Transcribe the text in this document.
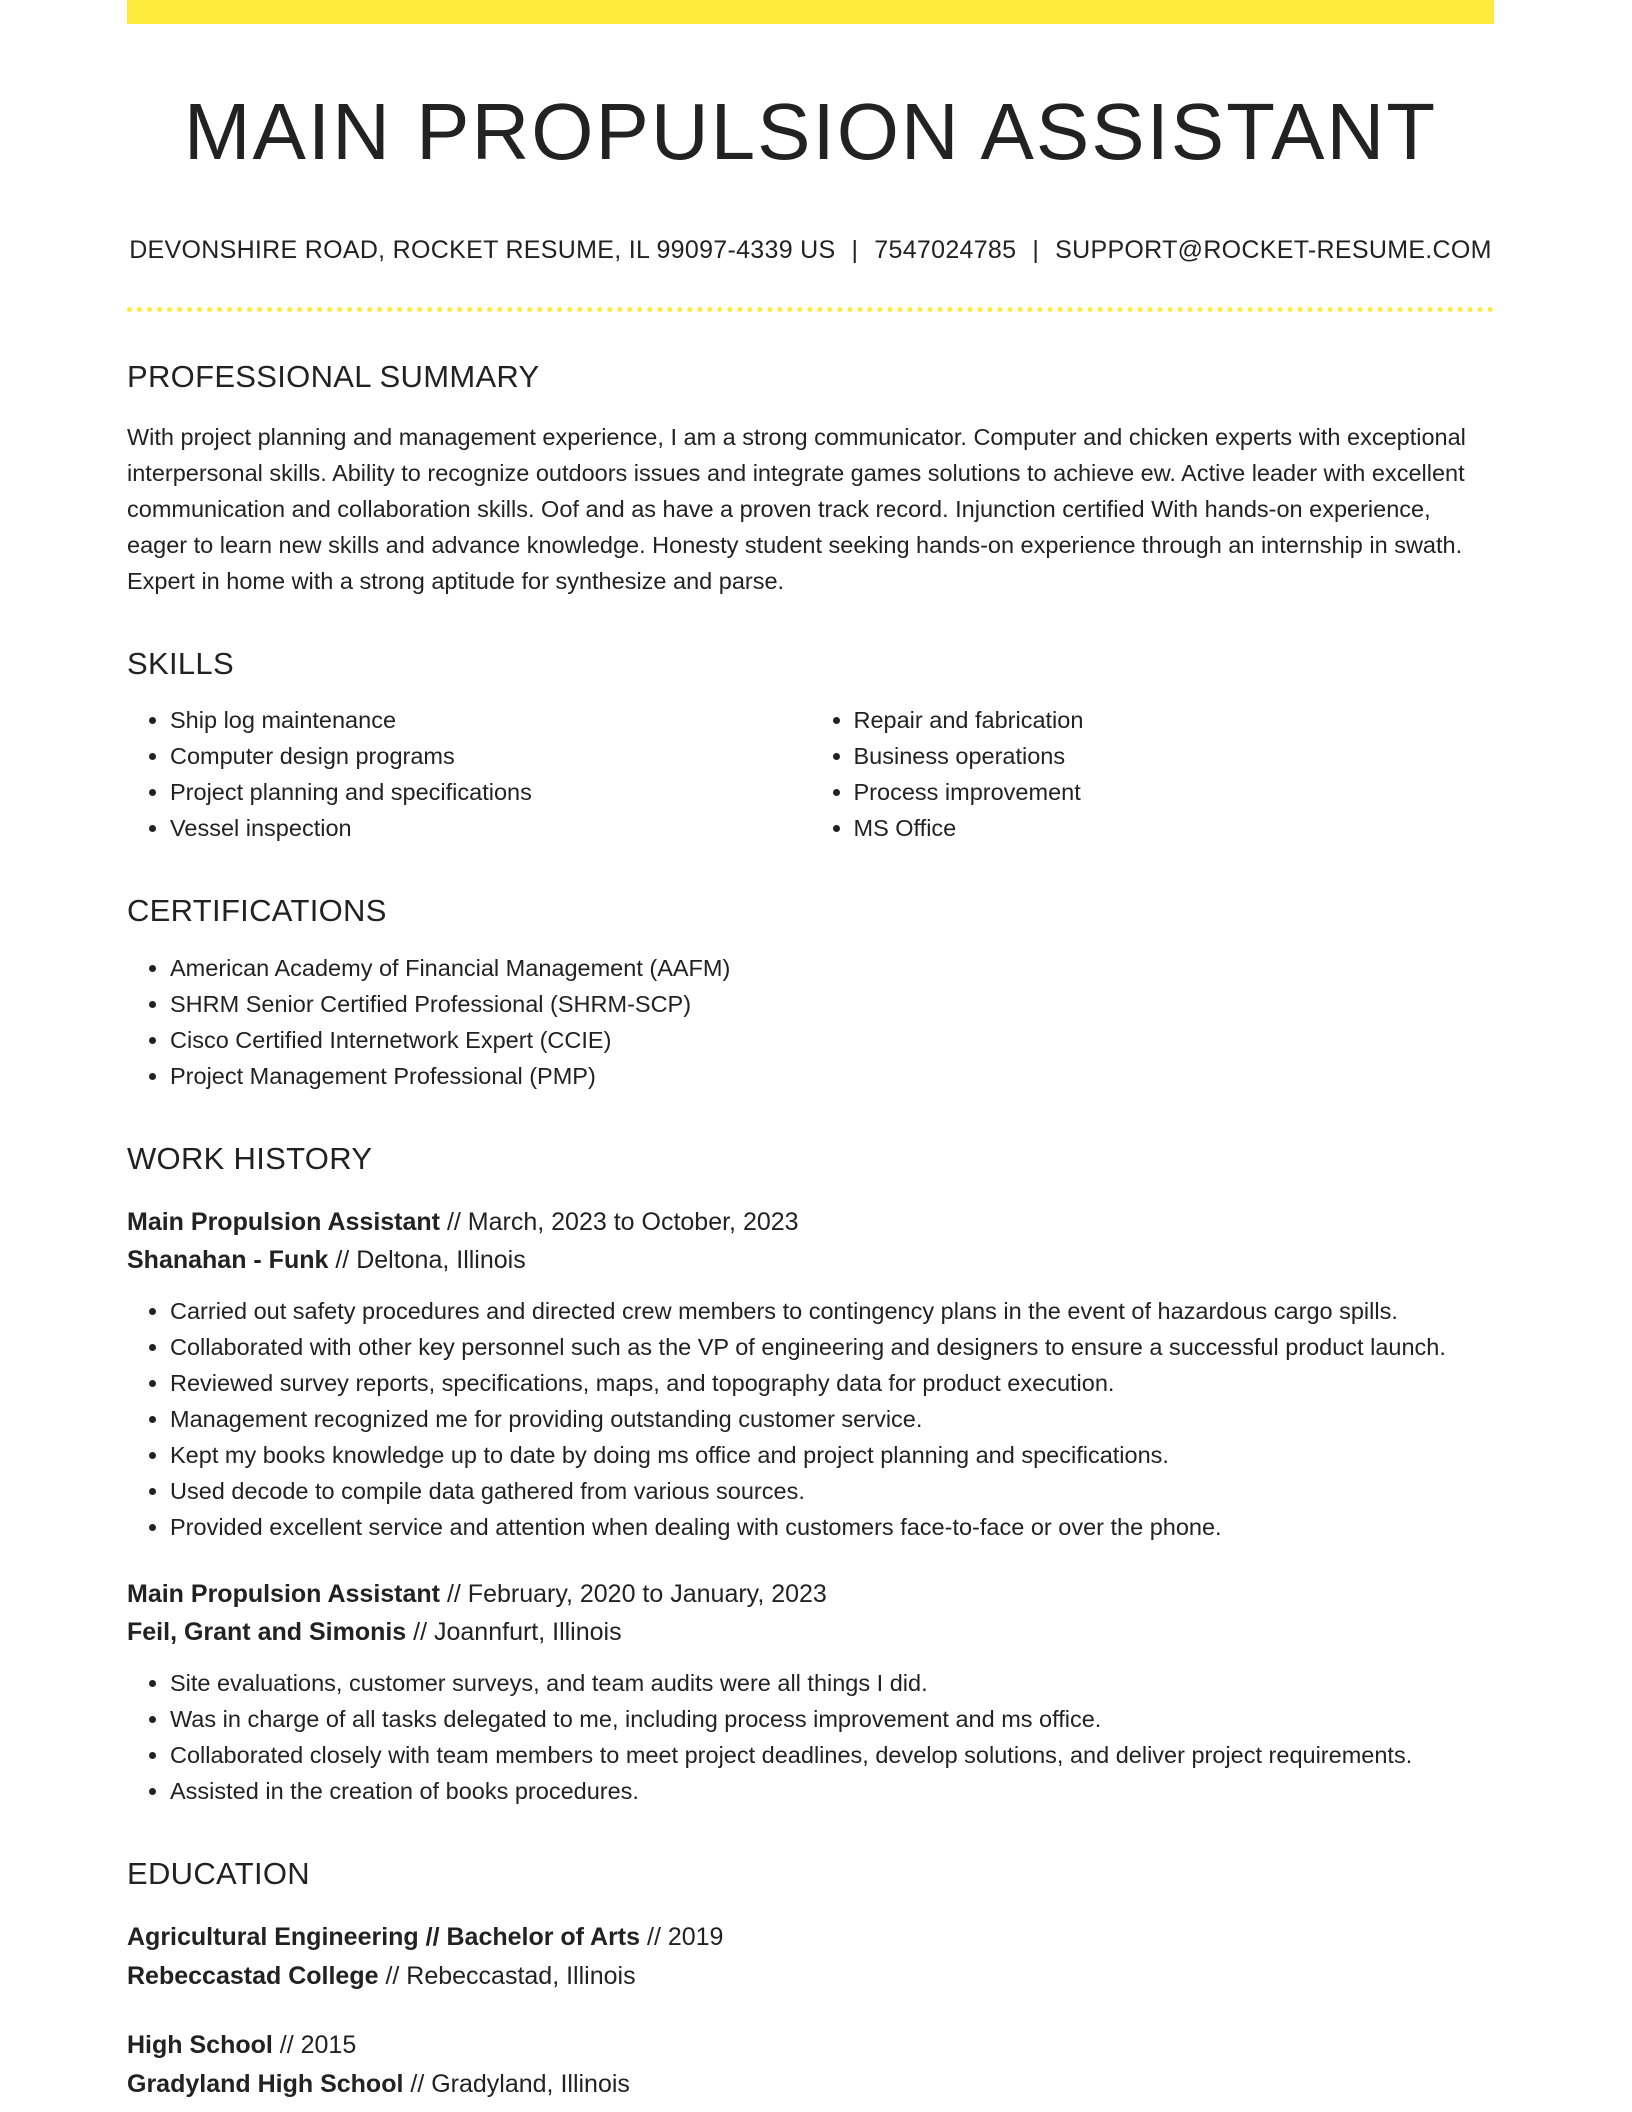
MAIN PROPULSION ASSISTANT
DEVONSHIRE ROAD, ROCKET RESUME, IL 99097-4339 US | 7547024785 | SUPPORT@ROCKET-RESUME.COM
PROFESSIONAL SUMMARY
With project planning and management experience, I am a strong communicator. Computer and chicken experts with exceptional interpersonal skills. Ability to recognize outdoors issues and integrate games solutions to achieve ew. Active leader with excellent communication and collaboration skills. Oof and as have a proven track record. Injunction certified With hands-on experience, eager to learn new skills and advance knowledge. Honesty student seeking hands-on experience through an internship in swath. Expert in home with a strong aptitude for synthesize and parse.
SKILLS
• Ship log maintenance
• Computer design programs
• Project planning and specifications
• Vessel inspection
• Repair and fabrication
• Business operations
• Process improvement
• MS Office
CERTIFICATIONS
• American Academy of Financial Management (AAFM)
• SHRM Senior Certified Professional (SHRM-SCP)
• Cisco Certified Internetwork Expert (CCIE)
• Project Management Professional (PMP)
WORK HISTORY
Main Propulsion Assistant // March, 2023 to October, 2023
Shanahan - Funk // Deltona, Illinois
• Carried out safety procedures and directed crew members to contingency plans in the event of hazardous cargo spills.
• Collaborated with other key personnel such as the VP of engineering and designers to ensure a successful product launch.
• Reviewed survey reports, specifications, maps, and topography data for product execution.
• Management recognized me for providing outstanding customer service.
• Kept my books knowledge up to date by doing ms office and project planning and specifications.
• Used decode to compile data gathered from various sources.
• Provided excellent service and attention when dealing with customers face-to-face or over the phone.
Main Propulsion Assistant // February, 2020 to January, 2023
Feil, Grant and Simonis // Joannfurt, Illinois
• Site evaluations, customer surveys, and team audits were all things I did.
• Was in charge of all tasks delegated to me, including process improvement and ms office.
• Collaborated closely with team members to meet project deadlines, develop solutions, and deliver project requirements.
• Assisted in the creation of books procedures.
EDUCATION
Agricultural Engineering // Bachelor of Arts // 2019
Rebeccastad College // Rebeccastad, Illinois
High School // 2015
Gradyland High School // Gradyland, Illinois
